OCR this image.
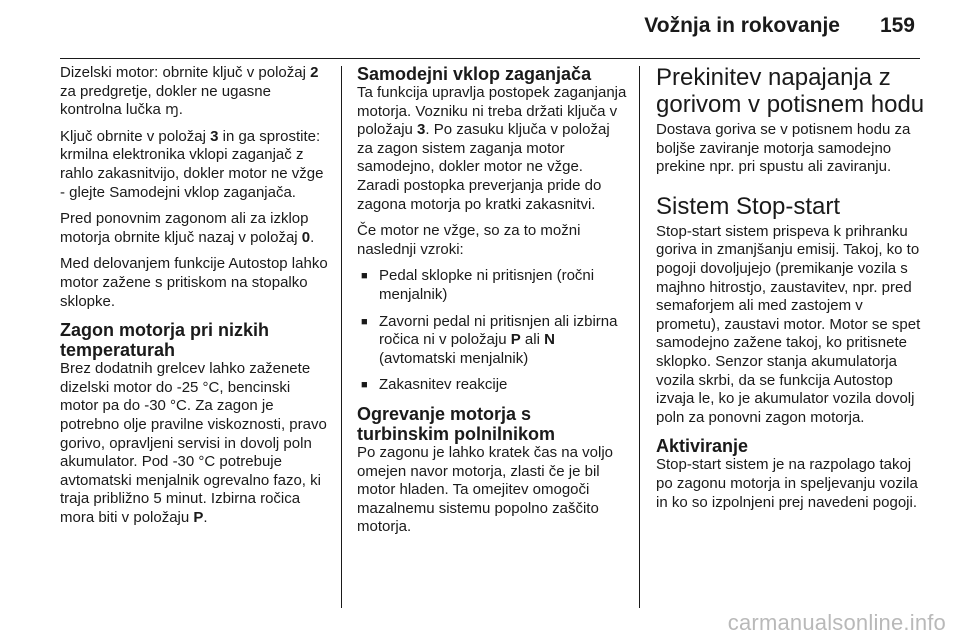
Vožnja in rokovanje 159

Dizelski motor: obrnite ključ v položaj 2 za predgretje, dokler ne ugasne kontrolna lučka ɱ.

Ključ obrnite v položaj 3 in ga sprostite: krmilna elektronika vklopi zaganjač z rahlo zakasnitvijo, dokler motor ne vžge - glejte Samodejni vklop zaganjača.

Pred ponovnim zagonom ali za izklop motorja obrnite ključ nazaj v položaj 0.

Med delovanjem funkcije Autostop lahko motor zažene s pritiskom na stopalko sklopke.

Zagon motorja pri nizkih temperaturah

Brez dodatnih grelcev lahko zaženete dizelski motor do -25 °C, bencinski motor pa do -30 °C. Za zagon je potrebno olje pravilne viskoznosti, pravo gorivo, opravljeni servisi in dovolj poln akumulator. Pod -30 °C potrebuje avtomatski menjalnik ogrevalno fazo, ki traja približno 5 minut. Izbirna ročica mora biti v položaju P.

Samodejni vklop zaganjača

Ta funkcija upravlja postopek zaganjanja motorja. Vozniku ni treba držati ključa v položaju 3. Po zasuku ključa v položaj za zagon sistem zaganja motor samodejno, dokler motor ne vžge. Zaradi postopka preverjanja pride do zagona motorja po kratki zakasnitvi.

Če motor ne vžge, so za to možni naslednji vzroki:

■ Pedal sklopke ni pritisnjen (ročni menjalnik)
■ Zavorni pedal ni pritisnjen ali izbirna ročica ni v položaju P ali N (avtomatski menjalnik)
■ Zakasnitev reakcije
Ogrevanje motorja s turbinskim polnilnikom

Po zagonu je lahko kratek čas na voljo omejen navor motorja, zlasti če je bil motor hladen. Ta omejitev omogoči mazalnemu sistemu popolno zaščito motorja.

Prekinitev napajanja z gorivom v potisnem hodu

Dostava goriva se v potisnem hodu za boljše zaviranje motorja samodejno prekine npr. pri spustu ali zaviranju.

Sistem Stop-start

Stop-start sistem prispeva k prihranku goriva in zmanjšanju emisij. Takoj, ko to pogoji dovoljujejo (premikanje vozila s majhno hitrostjo, zaustavitev, npr. pred semaforjem ali med zastojem v prometu), zaustavi motor. Motor se spet samodejno zažene takoj, ko pritisnete sklopko. Senzor stanja akumulatorja vozila skrbi, da se funkcija Autostop izvaja le, ko je akumulator vozila dovolj poln za ponovni zagon motorja.

Aktiviranje

Stop-start sistem je na razpolago takoj po zagonu motorja in speljevanju vozila in ko so izpolnjeni prej navedeni pogoji.

carmanualsonline.info
